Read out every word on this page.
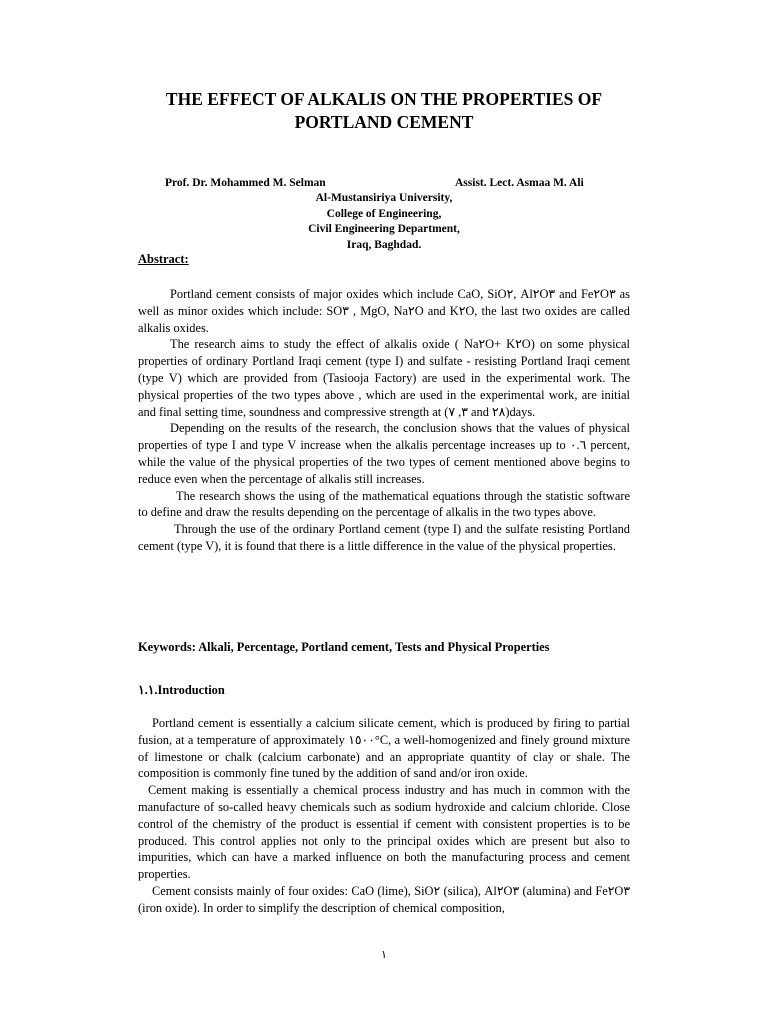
THE EFFECT OF ALKALIS ON THE PROPERTIES OF
PORTLAND CEMENT
Prof. Dr. Mohammed M. Selman	Assist. Lect. Asmaa M. Ali
Al-Mustansiriya University,
College of Engineering,
Civil Engineering Department,
Iraq, Baghdad.
Abstract:

Portland cement consists of major oxides which include CaO, SiO٢, Al٢O٣ and Fe٢O٣ as well as minor oxides which include: SO٣ , MgO, Na٢O and K٢O, the last two oxides are called alkalis oxides.

The research aims to study the effect of alkalis oxide ( Na٢O+ K٢O) on some physical properties of ordinary Portland Iraqi cement (type I) and sulfate - resisting Portland Iraqi cement (type V) which are provided from (Tasiooja Factory) are used in the experimental work. The physical properties of the two types above , which are used in the experimental work, are initial and final setting time, soundness and compressive strength at (٣, ٧ and ٢٨)days.

Depending on the results of the research, the conclusion shows that the values of physical properties of type I and type V increase when the alkalis percentage increases up to ٠.٦ percent, while the value of the physical properties of the two types of cement mentioned above begins to reduce even when the percentage of alkalis still increases.

The research shows the using of the mathematical equations through the statistic software to define and draw the results depending on the percentage of alkalis in the two types above.

Through the use of the ordinary Portland cement (type I) and the sulfate resisting Portland cement (type V), it is found that there is a little difference in the value of the physical properties.

Keywords: Alkali, Percentage, Portland cement, Tests and Physical Properties
١.١.Introduction

Portland cement is essentially a calcium silicate cement, which is produced by firing to partial fusion, at a temperature of approximately ١٥٠٠°C, a well-homogenized and finely ground mixture of limestone or chalk (calcium carbonate) and an appropriate quantity of clay or shale. The composition is commonly fine tuned by the addition of sand and/or iron oxide.

Cement making is essentially a chemical process industry and has much in common with the manufacture of so-called heavy chemicals such as sodium hydroxide and calcium chloride. Close control of the chemistry of the product is essential if cement with consistent properties is to be produced. This control applies not only to the principal oxides which are present but also to impurities, which can have a marked influence on both the manufacturing process and cement properties.

Cement consists mainly of four oxides: CaO (lime), SiO٢ (silica), Al٢O٣ (alumina) and Fe٢O٣ (iron oxide). In order to simplify the description of chemical composition,

١
